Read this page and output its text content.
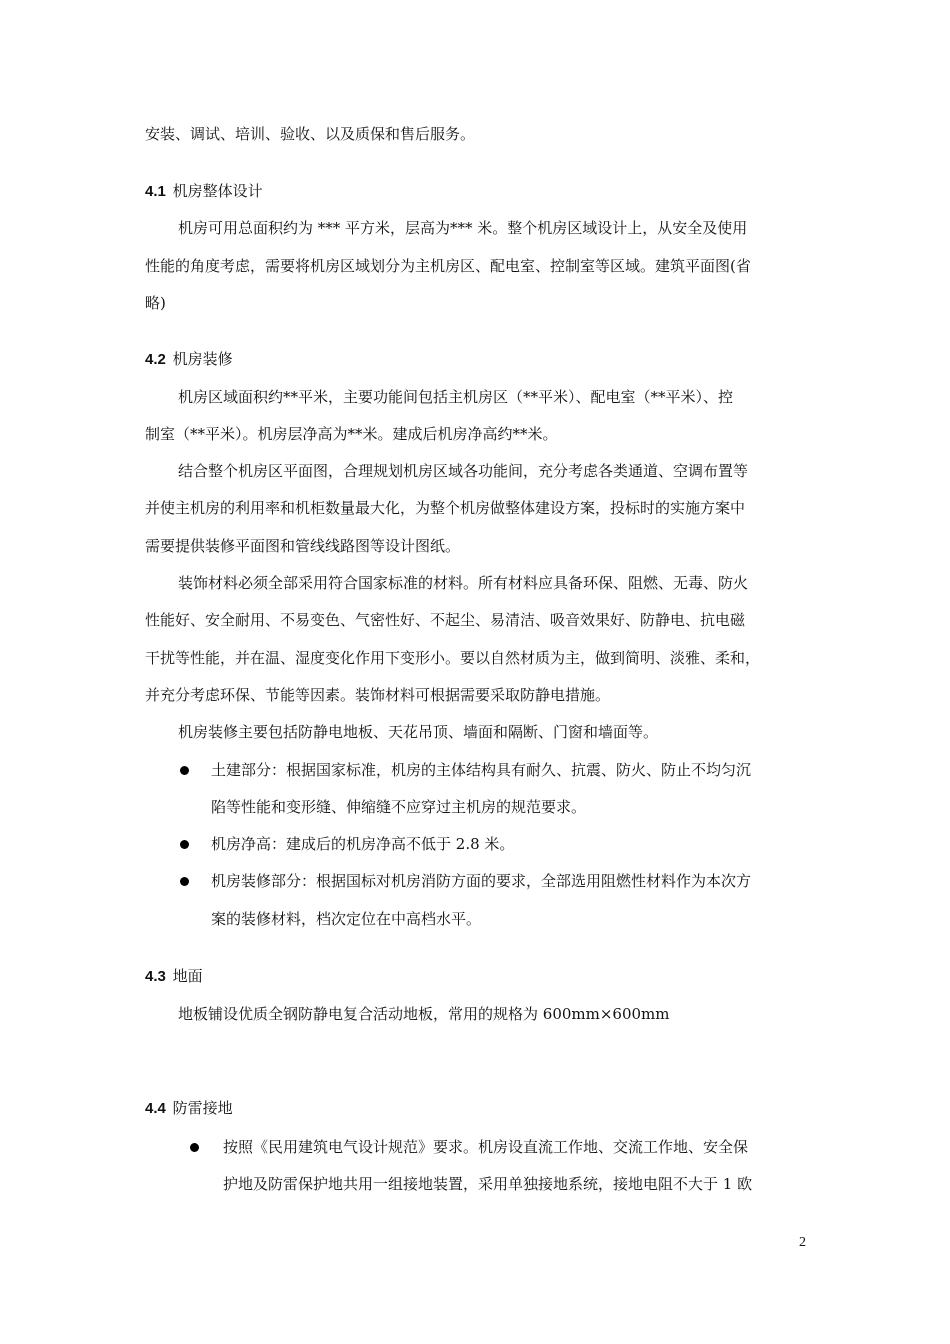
安装、调试、培训、验收、以及质保和售后服务。
4.1 机房整体设计
机房可用总面积约为 *** 平方米，层高为*** 米。整个机房区域设计上，从安全及使用
性能的角度考虑，需要将机房区域划分为主机房区、配电室、控制室等区域。建筑平面图(省
略)
4.2 机房装修
机房区域面积约**平米，主要功能间包括主机房区（**平米）、配电室（**平米）、控
制室（**平米）。机房层净高为**米。建成后机房净高约**米。
结合整个机房区平面图，合理规划机房区域各功能间，充分考虑各类通道、空调布置等
并使主机房的利用率和机柜数量最大化，为整个机房做整体建设方案，投标时的实施方案中
需要提供装修平面图和管线线路图等设计图纸。
装饰材料必须全部采用符合国家标准的材料。所有材料应具备环保、阻燃、无毒、防火
性能好、安全耐用、不易变色、气密性好、不起尘、易清洁、吸音效果好、防静电、抗电磁
干扰等性能，并在温、湿度变化作用下变形小。要以自然材质为主，做到简明、淡雅、柔和，
并充分考虑环保、节能等因素。装饰材料可根据需要采取防静电措施。
机房装修主要包括防静电地板、天花吊顶、墙面和隔断、门窗和墙面等。
土建部分：根据国家标准，机房的主体结构具有耐久、抗震、防火、防止不均匀沉
陷等性能和变形缝、伸缩缝不应穿过主机房的规范要求。
机房净高：建成后的机房净高不低于 2.8 米。
机房装修部分：根据国标对机房消防方面的要求，全部选用阻燃性材料作为本次方
案的装修材料，档次定位在中高档水平。
4.3 地面
地板铺设优质全钢防静电复合活动地板，常用的规格为 600mm×600mm
4.4 防雷接地
按照《民用建筑电气设计规范》要求。机房设直流工作地、交流工作地、安全保
护地及防雷保护地共用一组接地装置，采用单独接地系统，接地电阻不大于 1 欧
2
